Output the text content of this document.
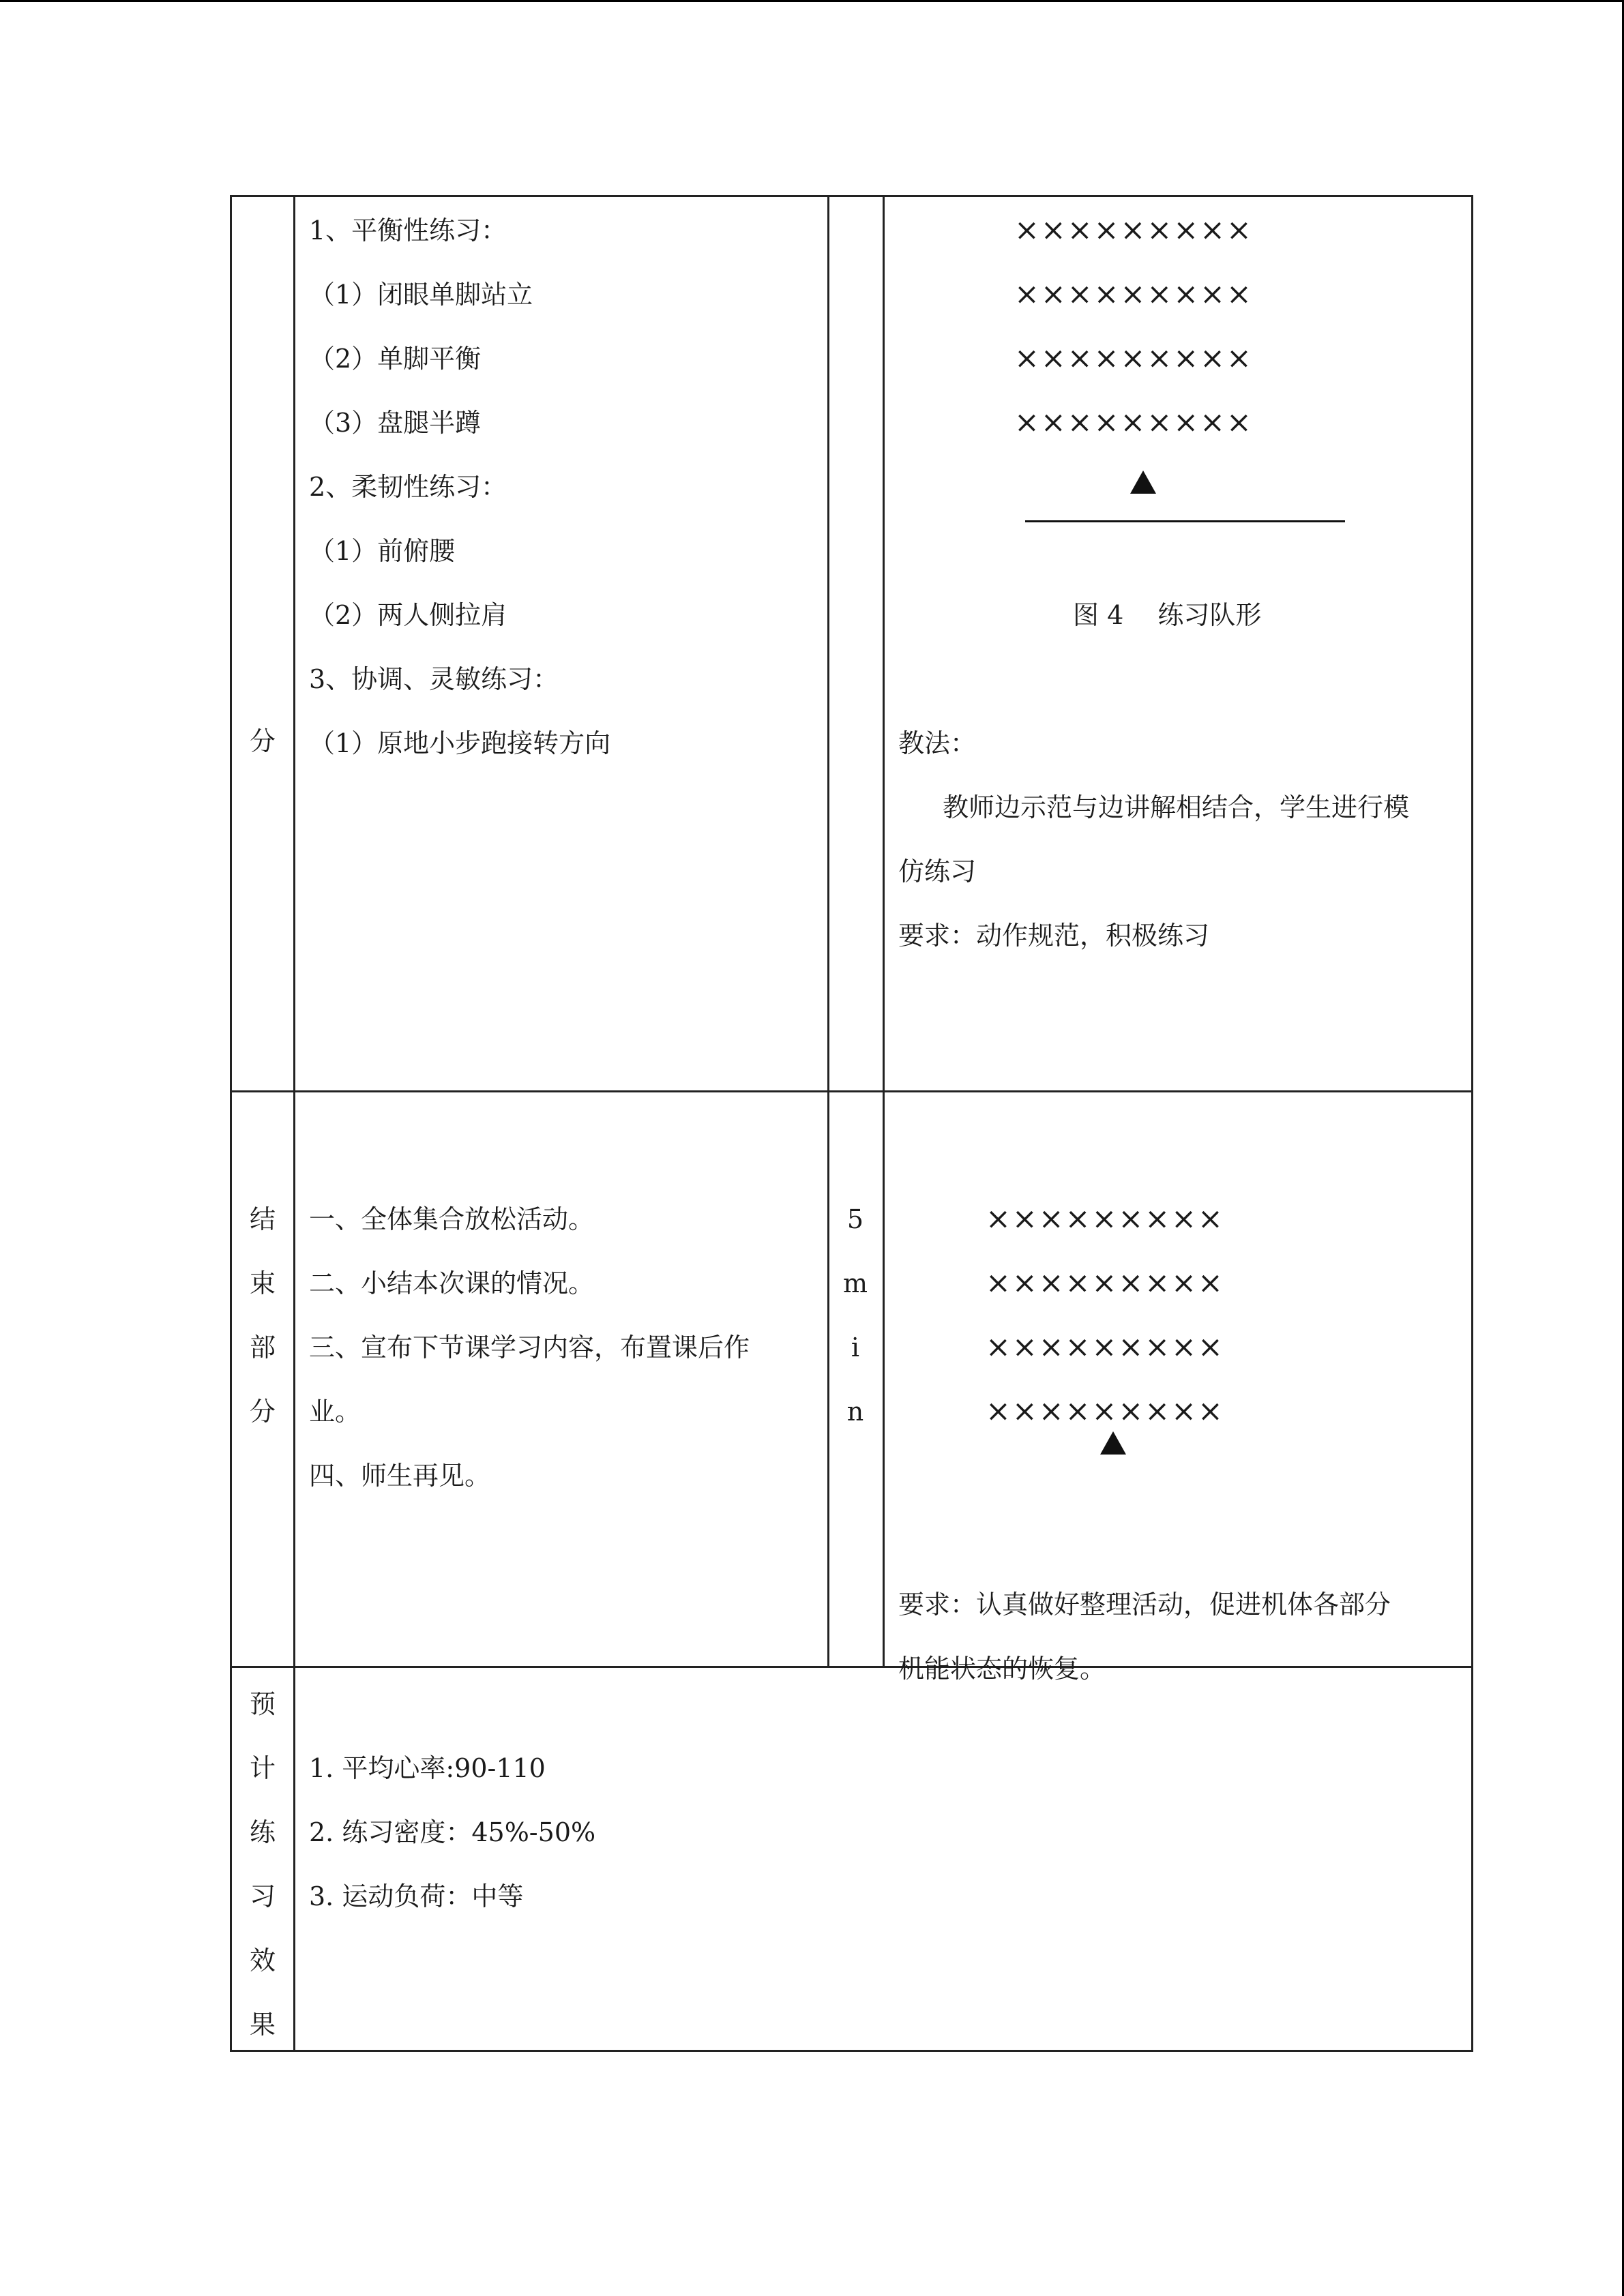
分
1、平衡性练习：
（1）闭眼单脚站立
（2）单脚平衡
（3）盘腿半蹲
2、柔韧性练习：
（1）前俯腰
（2）两人侧拉肩
3、协调、灵敏练习：
（1）原地小步跑接转方向
×××××××××
×××××××××
×××××××××
×××××××××
图 4　 练习队形
教法：
教师边示范与边讲解相结合，学生进行模
仿练习
要求：动作规范，积极练习
结
束
部
分
一、全体集合放松活动。
二、小结本次课的情况。
三、宣布下节课学习内容，布置课后作
业。
四、师生再见。
5
m
i
n
×××××××××
×××××××××
×××××××××
×××××××××
要求：认真做好整理活动，促进机体各部分
机能状态的恢复。
预
计
练
习
效
果
1. 平均心率:90-110
2. 练习密度：45%-50%
3. 运动负荷：中等
